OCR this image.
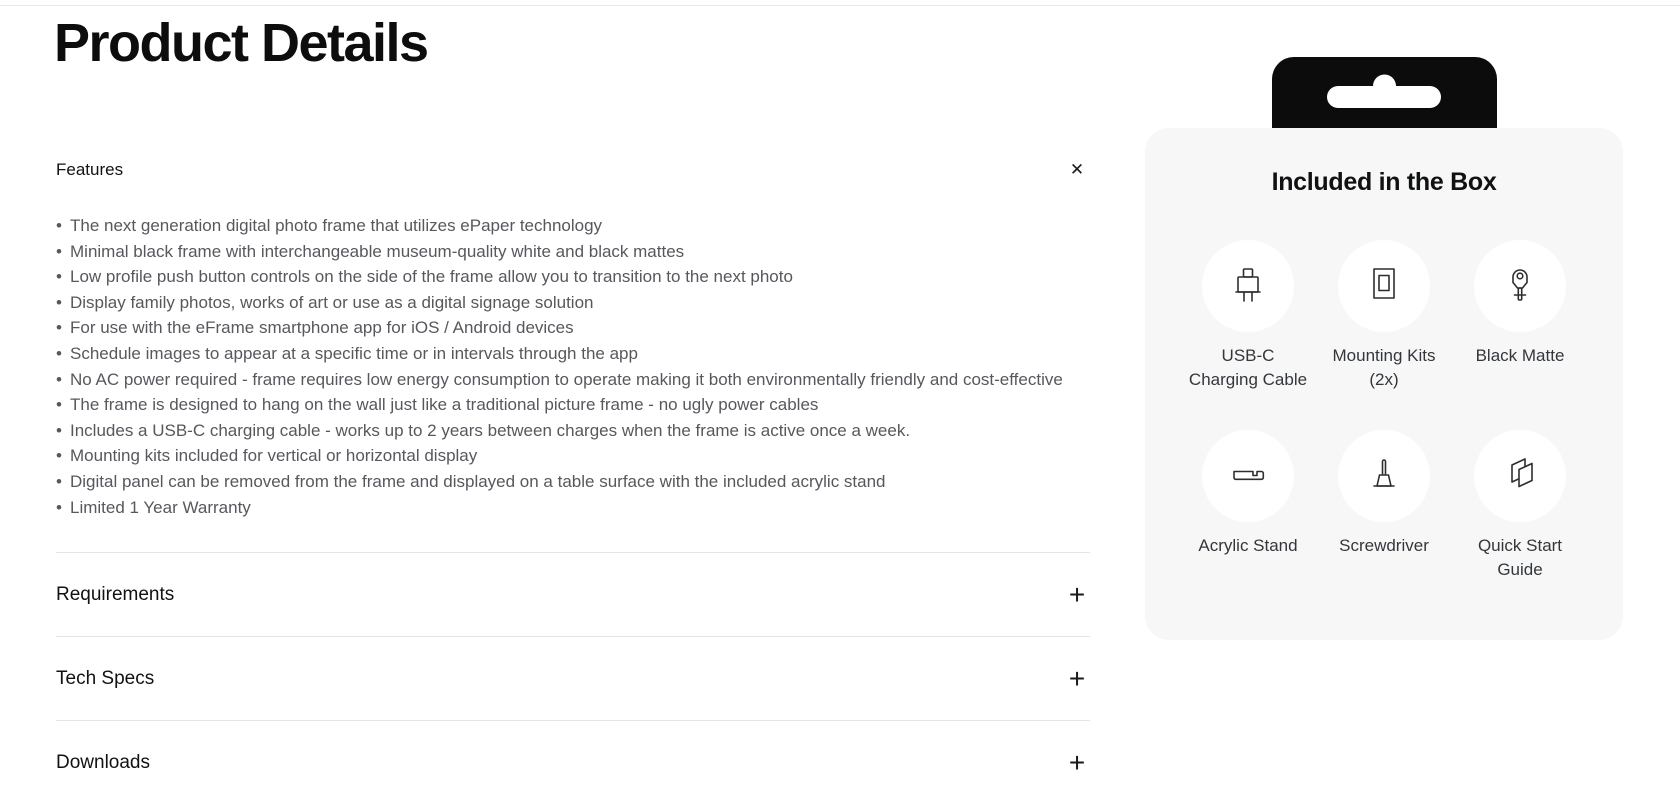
Product Details
Features	✕
• The next generation digital photo frame that utilizes ePaper technology
• Minimal black frame with interchangeable museum-quality white and black mattes
• Low profile push button controls on the side of the frame allow you to transition to the next photo
• Display family photos, works of art or use as a digital signage solution
• For use with the eFrame smartphone app for iOS / Android devices
• Schedule images to appear at a specific time or in intervals through the app
• No AC power required - frame requires low energy consumption to operate making it both environmentally friendly and cost-effective
• The frame is designed to hang on the wall just like a traditional picture frame - no ugly power cables
• Includes a USB-C charging cable - works up to 2 years between charges when the frame is active once a week.
• Mounting kits included for vertical or horizontal display
• Digital panel can be removed from the frame and displayed on a table surface with the included acrylic stand
• Limited 1 Year Warranty
Requirements	+
Tech Specs	+
Downloads	+
Included in the Box
USB-C Charging Cable
Mounting Kits (2x)
Black Matte
Acrylic Stand	Screwdriver	Quick Start Guide
